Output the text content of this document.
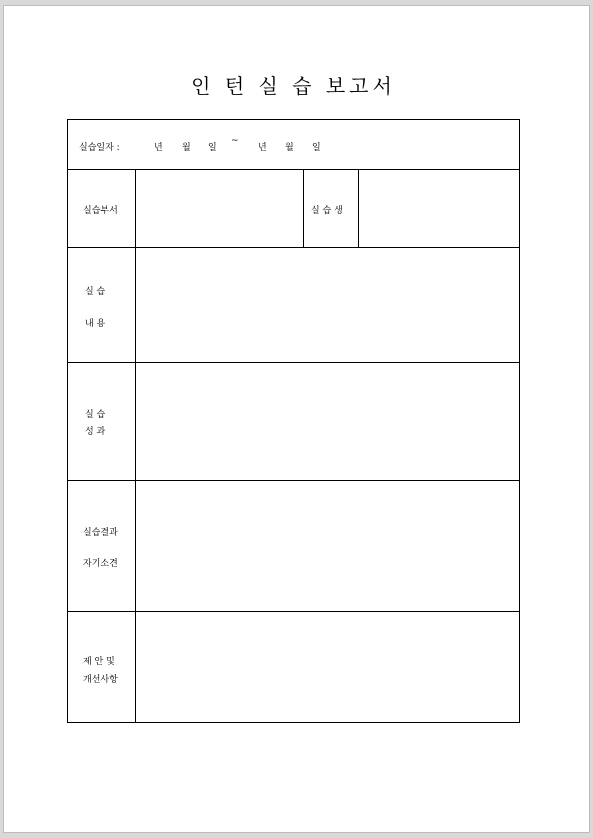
인 턴 실 습 보고서
실습일자 :	년 월 일
~
년 월 일
실습부서	실 습 생
실 습
내 용
실 습
성 과
실습결과
자기소견
제 안 및
개선사항
